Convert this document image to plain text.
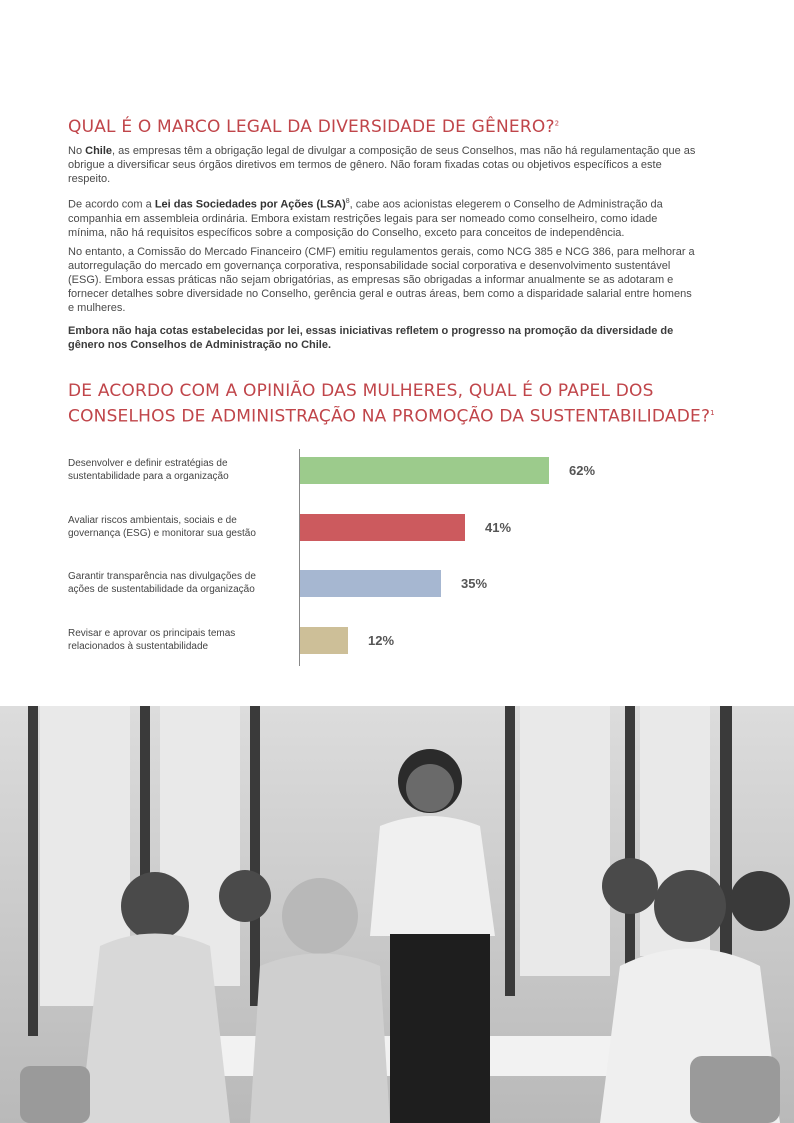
QUAL É O MARCO LEGAL DA DIVERSIDADE DE GÊNERO?$^2$

No Chile, as empresas têm a obrigação legal de divulgar a composição de seus Conselhos, mas não há regulamentação que as obrigue a diversificar seus órgãos diretivos em termos de gênero. Não foram fixadas cotas ou objetivos específicos a este respeito.

De acordo com a Lei das Sociedades por Ações (LSA)$^8$, cabe aos acionistas elegerem o Conselho de Administração da companhia em assembleia ordinária. Embora existam restrições legais para ser nomeado como conselheiro, como idade mínima, não há requisitos específicos sobre a composição do Conselho, exceto para conceitos de independência.

No entanto, a Comissão do Mercado Financeiro (CMF) emitiu regulamentos gerais, como NCG 385 e NCG 386, para melhorar a autorregulação do mercado em governança corporativa, responsabilidade social corporativa e desenvolvimento sustentável (ESG). Embora essas práticas não sejam obrigatórias, as empresas são obrigadas a informar anualmente se as adotaram e fornecer detalhes sobre diversidade no Conselho, gerência geral e outras áreas, bem como a disparidade salarial entre homens e mulheres.

Embora não haja cotas estabelecidas por lei, essas iniciativas refletem o progresso na promoção da diversidade de gênero nos Conselhos de Administração no Chile.

DE ACORDO COM A OPINIÃO DAS MULHERES, QUAL É O PAPEL DOS
CONSELHOS DE ADMINISTRAÇÃO NA PROMOÇÃO DA SUSTENTABILIDADE?$^1$
Desenvolver e definir estratégias de sustentabilidade para a organização	62%
Avaliar riscos ambientais, sociais e de governança (ESG) e monitorar sua gestão	41%
Garantir transparência nas divulgações de ações de sustentabilidade da organização	35%
Revisar e aprovar os principais temas relacionados à sustentabilidade	12%
